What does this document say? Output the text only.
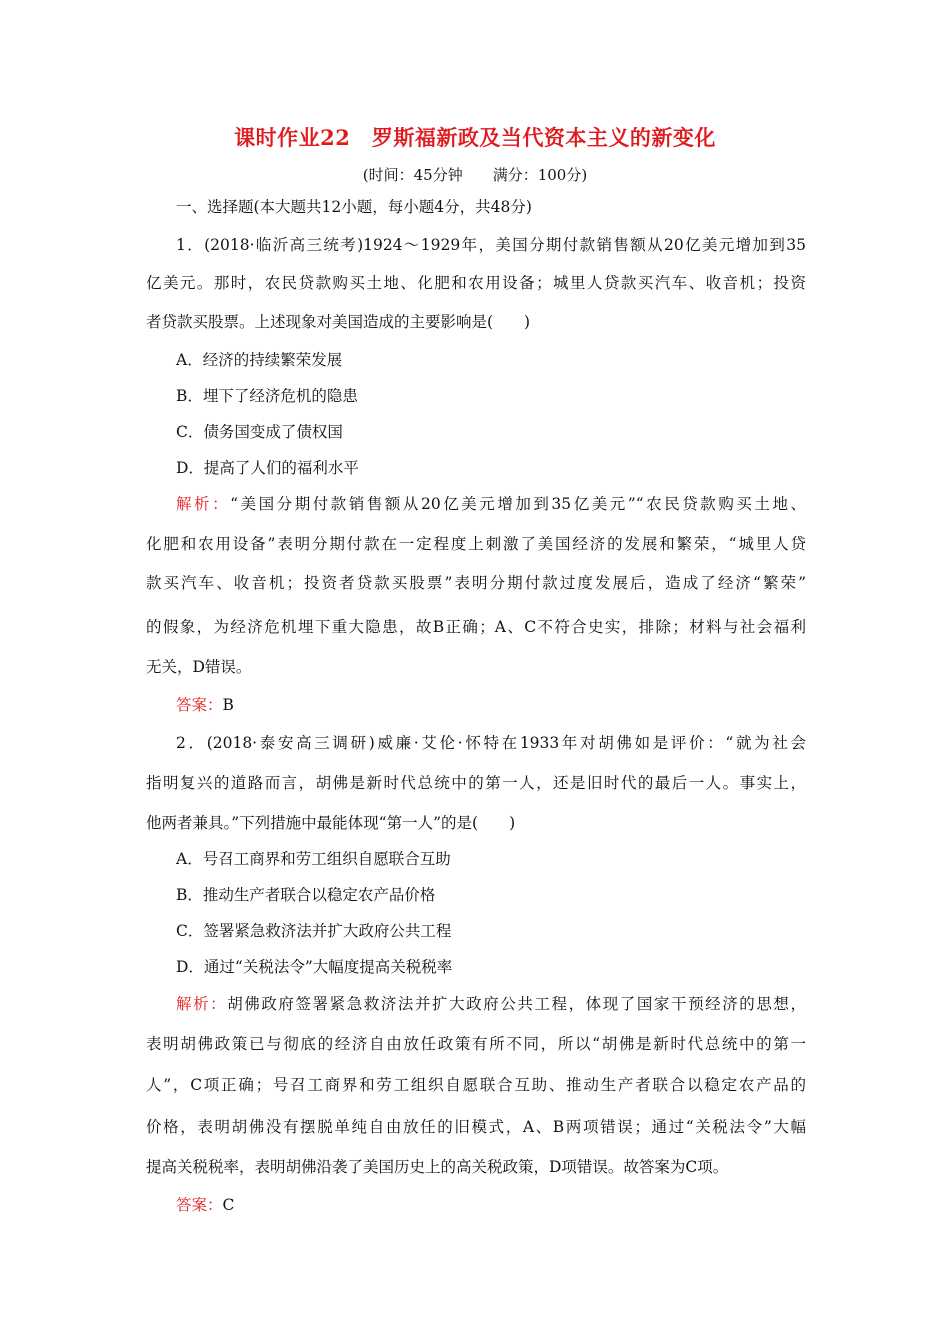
课时作业22　罗斯福新政及当代资本主义的新变化
(时间：45分钟　　满分：100分)
一、选择题(本大题共12小题，每小题4分，共48分)
1．(2018·临沂高三统考)1924～1929年，美国分期付款销售额从20亿美元增加到35
亿美元。那时，农民贷款购买土地、化肥和农用设备；城里人贷款买汽车、收音机；投资
者贷款买股票。上述现象对美国造成的主要影响是(　　)
A．经济的持续繁荣发展
B．埋下了经济危机的隐患
C．债务国变成了债权国
D．提高了人们的福利水平
解析：“美国分期付款销售额从20亿美元增加到35亿美元”“农民贷款购买土地、
化肥和农用设备”表明分期付款在一定程度上刺激了美国经济的发展和繁荣，“城里人贷
款买汽车、收音机；投资者贷款买股票”表明分期付款过度发展后，造成了经济“繁荣”
的假象，为经济危机埋下重大隐患，故B正确；A、C不符合史实，排除；材料与社会福利
无关，D错误。
答案：B
2．(2018·泰安高三调研)威廉·艾伦·怀特在1933年对胡佛如是评价：“就为社会
指明复兴的道路而言，胡佛是新时代总统中的第一人，还是旧时代的最后一人。事实上，
他两者兼具。”下列措施中最能体现“第一人”的是(　　)
A．号召工商界和劳工组织自愿联合互助
B．推动生产者联合以稳定农产品价格
C．签署紧急救济法并扩大政府公共工程
D．通过“关税法令”大幅度提高关税税率
解析：胡佛政府签署紧急救济法并扩大政府公共工程，体现了国家干预经济的思想，
表明胡佛政策已与彻底的经济自由放任政策有所不同，所以“胡佛是新时代总统中的第一
人”，C项正确；号召工商界和劳工组织自愿联合互助、推动生产者联合以稳定农产品的
价格，表明胡佛没有摆脱单纯自由放任的旧模式，A、B两项错误；通过“关税法令”大幅
提高关税税率，表明胡佛沿袭了美国历史上的高关税政策，D项错误。故答案为C项。
答案：C
